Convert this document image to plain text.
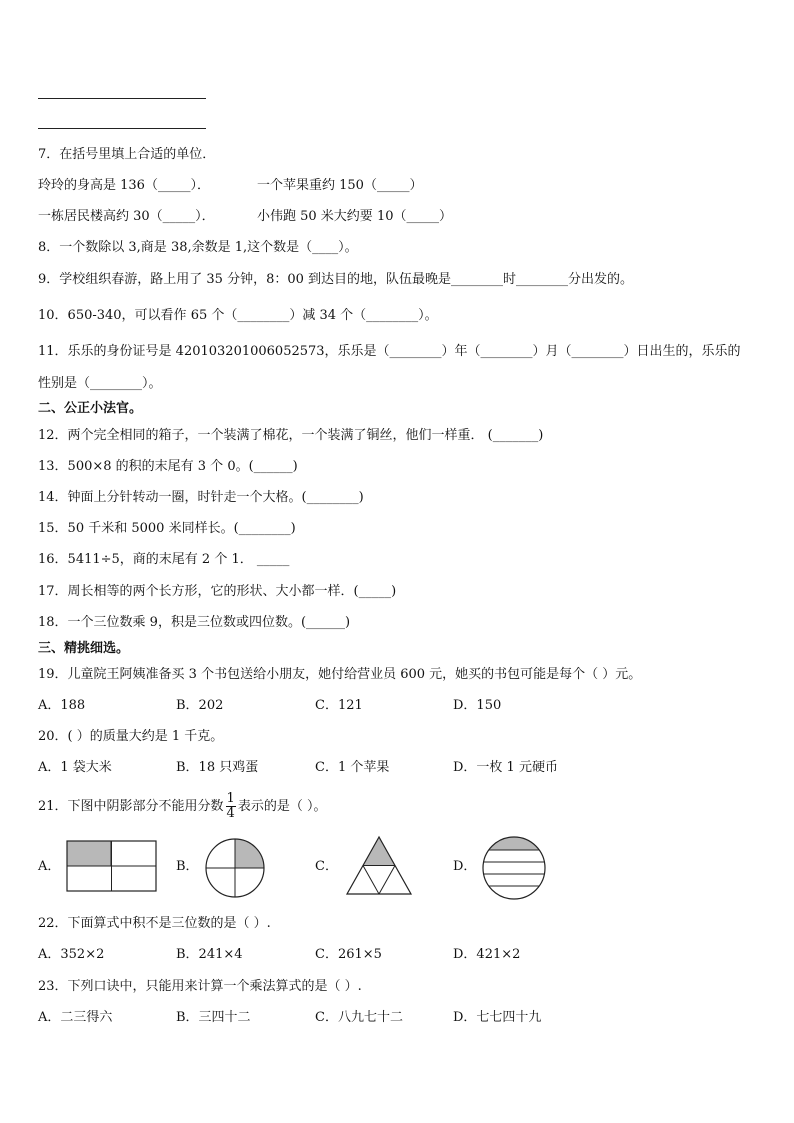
7．在括号里填上合适的单位．
玲玲的身高是 136（_____）．	一个苹果重约 150（_____）
一栋居民楼高约 30（_____）．	小伟跑 50 米大约要 10（_____）
8．一个数除以 3,商是 38,余数是 1,这个数是（____）。
9．学校组织春游，路上用了 35 分钟，8：00 到达目的地，队伍最晚是________时________分出发的。
10．650-340，可以看作 65 个（________）减 34 个（________）。
11．乐乐的身份证号是 420103201006052573，乐乐是（________）年（________）月（________）日出生的，乐乐的
性别是（________）。
二、公正小法官。
12．两个完全相同的箱子，一个装满了棉花，一个装满了铜丝，他们一样重． (_______)
13．500×8 的积的末尾有 3 个 0。(______)
14．钟面上分针转动一圈，时针走一个大格。(________)
15．50 千米和 5000 米同样长。(________)
16．5411÷5，商的末尾有 2 个 1． _____
17．周长相等的两个长方形，它的形状、大小都一样．(_____)
18．一个三位数乘 9，积是三位数或四位数。(______)
三、精挑细选。
19．儿童院王阿姨准备买 3 个书包送给小朋友，她付给营业员 600 元，她买的书包可能是每个（ ）元。
A．188	B．202	C．121	D．150
20．( ）的质量大约是 1 千克。
A．1 袋大米	B．18 只鸡蛋	C．1 个苹果	D．一枚 1 元硬币
21．下图中阴影部分不能用分数 $\frac{1}{4}$ 表示的是（ ）。
A．	B．	C．	D．
22．下面算式中积不是三位数的是（ ）.
A．352×2	B．241×4	C．261×5	D．421×2
23．下列口诀中，只能用来计算一个乘法算式的是（ ）.
A．二三得六	B．三四十二	C．八九七十二	D．七七四十九
